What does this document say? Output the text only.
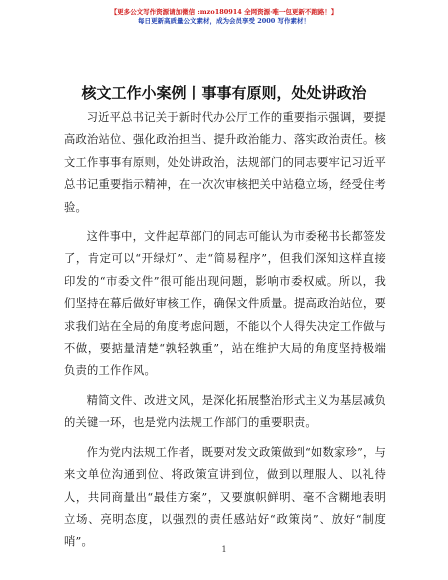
【更多公文写作资源请加微信 :mzo180914 全网资源·唯一包更新不跑路！】
每日更新高质量公文素材，成为会员享受 2000 写作素材！
核文工作小案例丨事事有原则，处处讲政治

习近平总书记关于新时代办公厅工作的重要指示强调，要提高政治站位、强化政治担当、提升政治能力、落实政治责任。核文工作事事有原则，处处讲政治，法规部门的同志要牢记习近平总书记重要指示精神，在一次次审核把关中站稳立场，经受住考验。

这件事中，文件起草部门的同志可能认为市委秘书长都签发了，肯定可以“开绿灯”、走“简易程序”，但我们深知这样直接印发的“市委文件”很可能出现问题，影响市委权威。所以，我们坚持在幕后做好审核工作，确保文件质量。提高政治站位，要求我们站在全局的角度考虑问题，不能以个人得失决定工作做与不做，要掂量清楚“孰轻孰重”，站在维护大局的角度坚持极端负责的工作作风。

精简文件、改进文风，是深化拓展整治形式主义为基层减负的关键一环，也是党内法规工作部门的重要职责。

作为党内法规工作者，既要对发文政策做到“如数家珍”，与来文单位沟通到位、将政策宣讲到位，做到以理服人、以礼待人，共同商量出“最佳方案”，又要旗帜鲜明、毫不含糊地表明立场、亮明态度，以强烈的责任感站好“政策岗”、放好“制度哨”。

1
